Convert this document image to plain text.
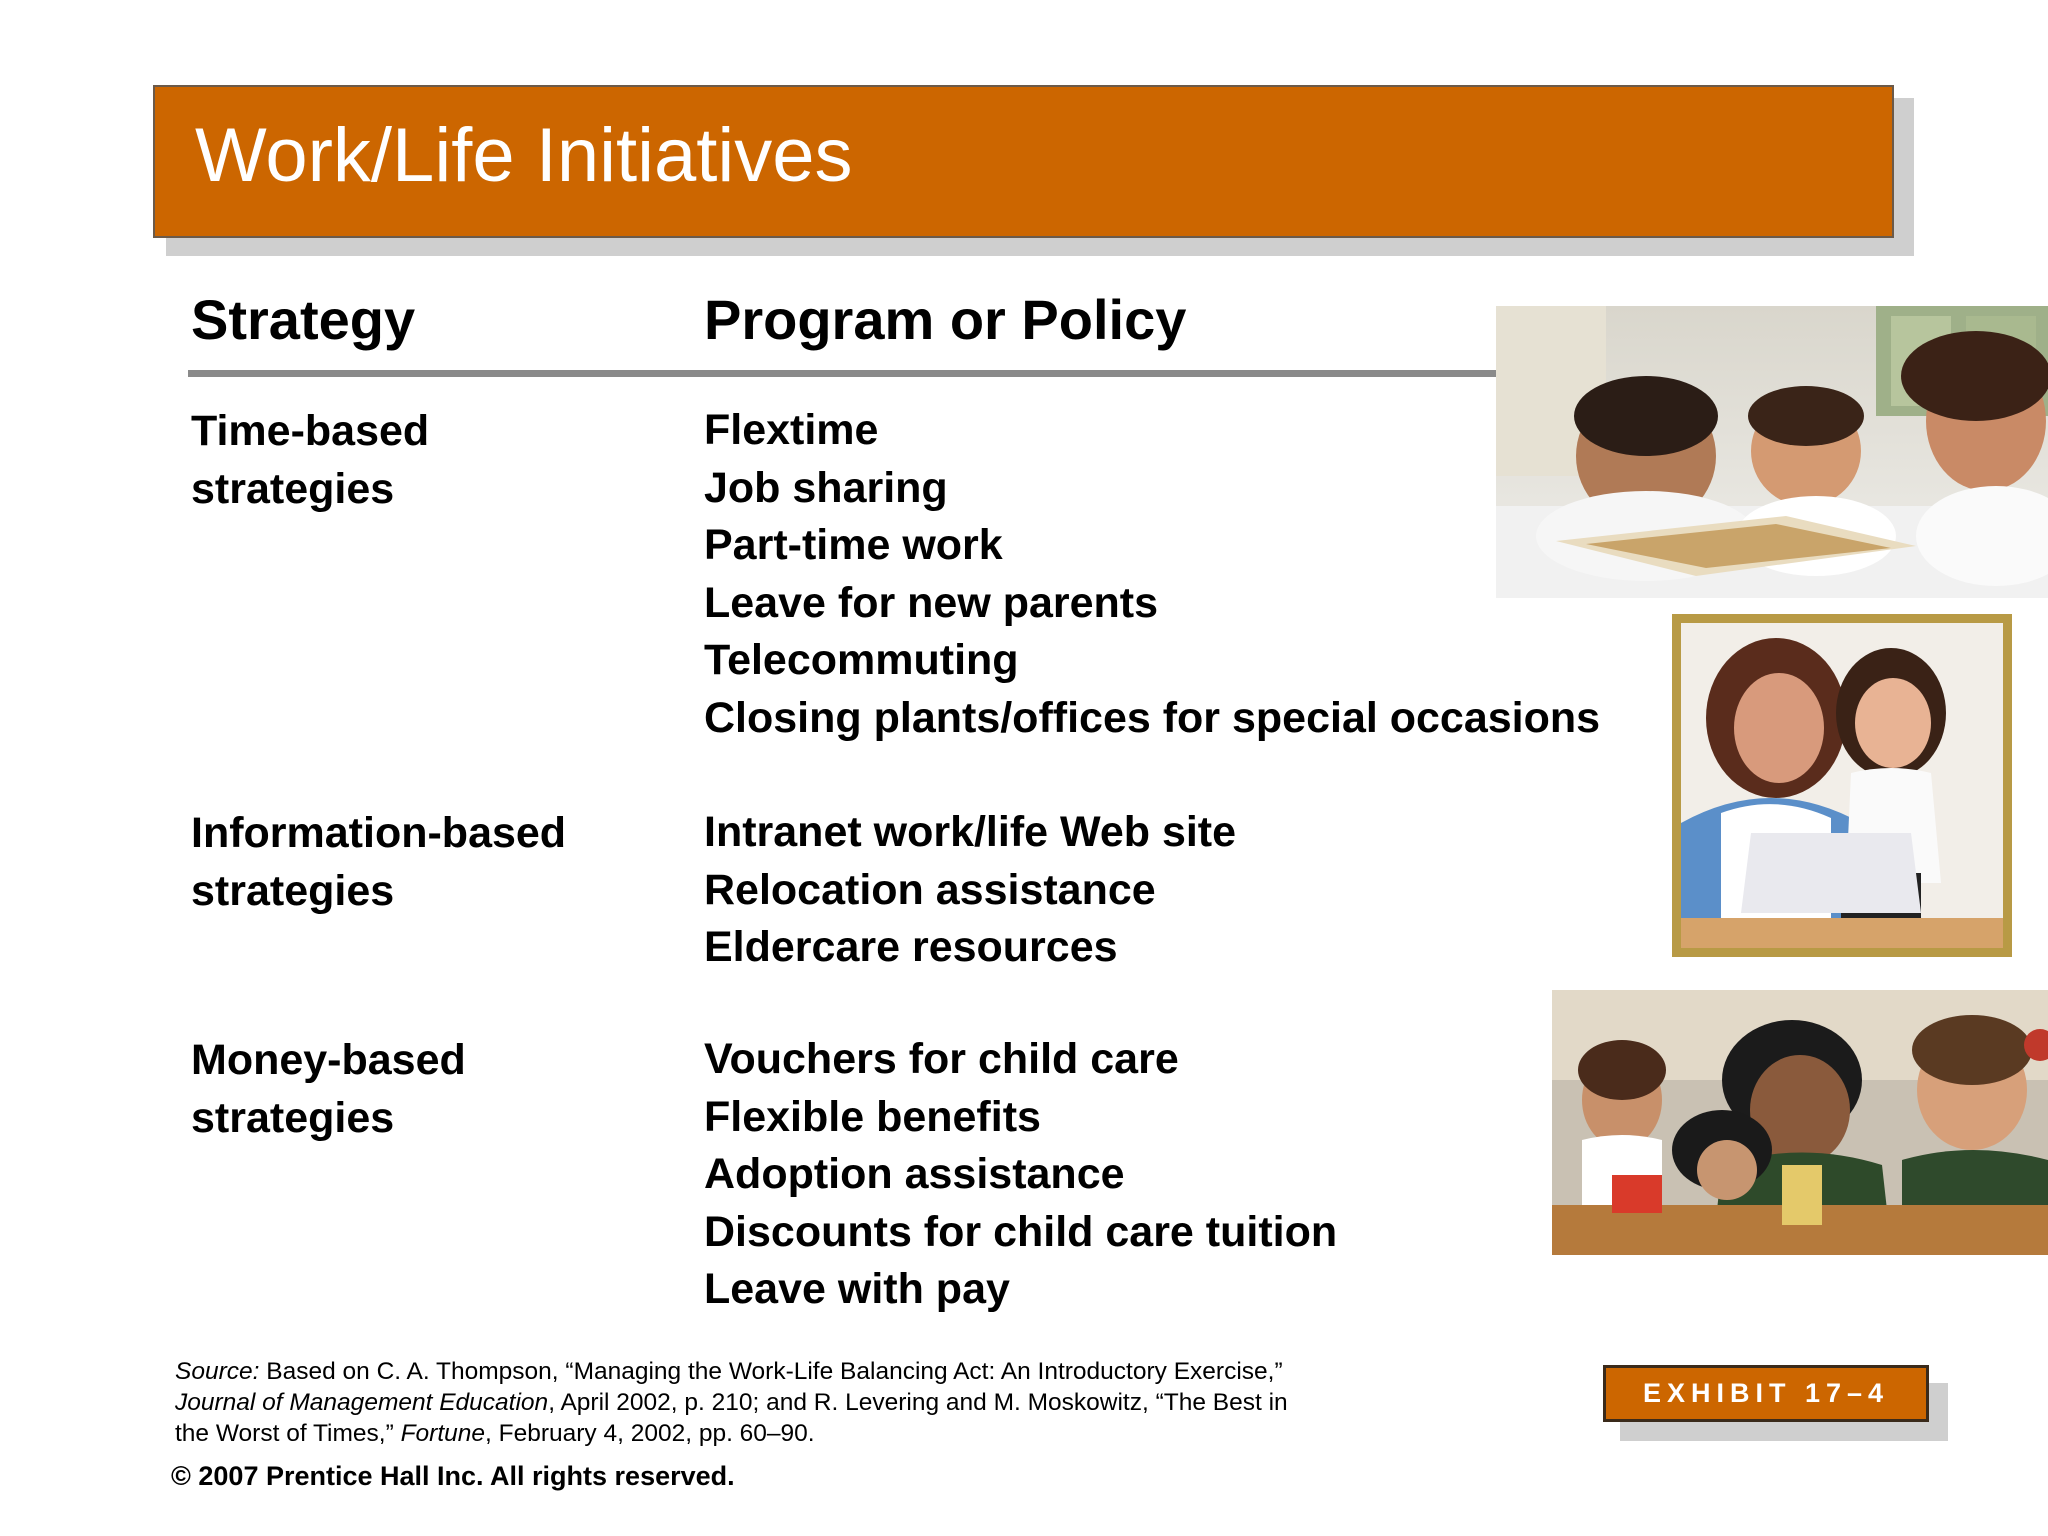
Work/Life Initiatives
Strategy	Program or Policy
Time-based
strategies
Flextime
Job sharing
Part-time work
Leave for new parents
Telecommuting
Closing plants/offices for special occasions
Information-based
strategies
Intranet work/life Web site
Relocation assistance
Eldercare resources
Money-based
strategies
Vouchers for child care
Flexible benefits
Adoption assistance
Discounts for child care tuition
Leave with pay
Source: Based on C. A. Thompson, “Managing the Work-Life Balancing Act: An Introductory Exercise,” Journal of Management Education, April 2002, p. 210; and R. Levering and M. Moskowitz, “The Best in the Worst of Times,” Fortune, February 4, 2002, pp. 60–90.
© 2007 Prentice Hall Inc. All rights reserved.
EXHIBIT 17–4
